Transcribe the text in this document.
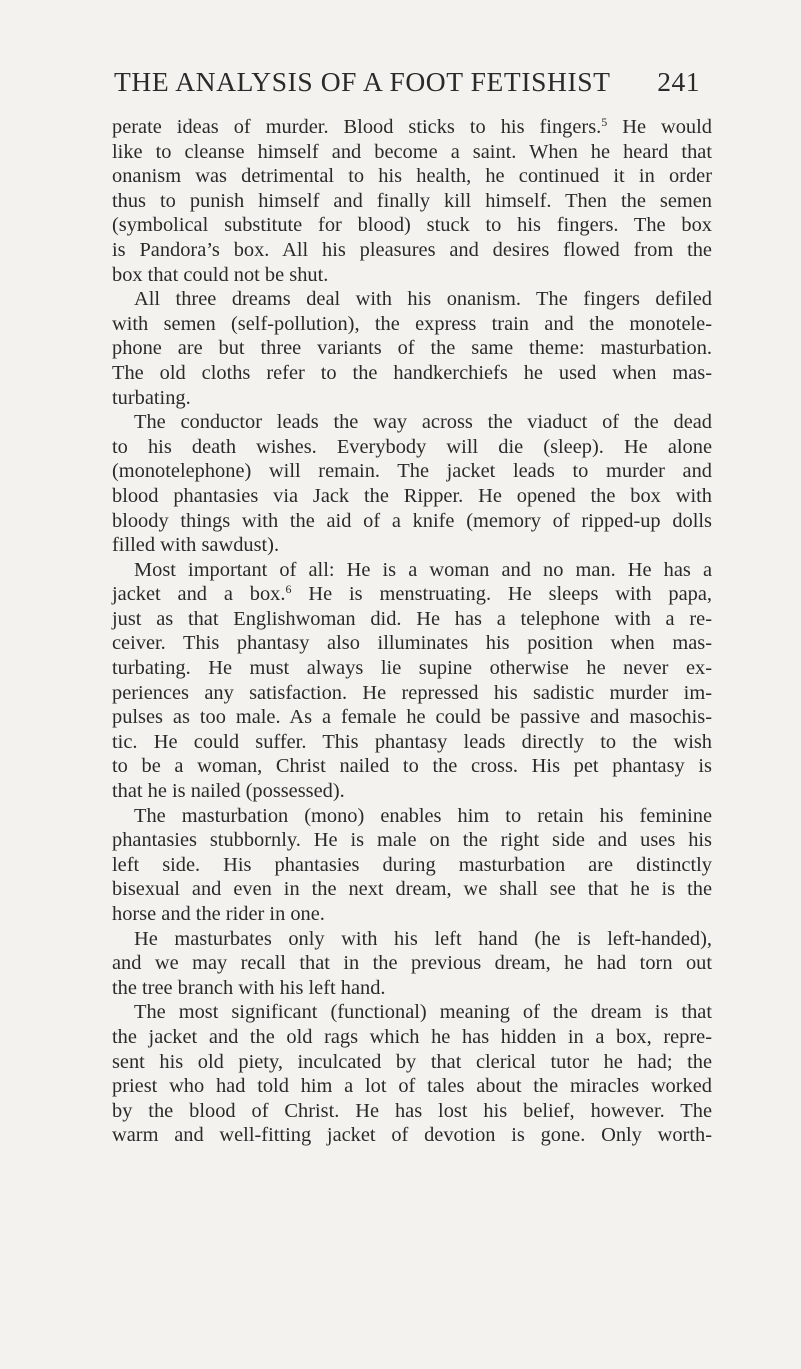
THE ANALYSIS OF A FOOT FETISHIST 241
perate ideas of murder. Blood sticks to his fingers.$^5$ He would
like to cleanse himself and become a saint. When he heard that
onanism was detrimental to his health, he continued it in order
thus to punish himself and finally kill himself. Then the semen
(symbolical substitute for blood) stuck to his fingers. The box
is Pandora’s box. All his pleasures and desires flowed from the
box that could not be shut.
All three dreams deal with his onanism. The fingers defiled
with semen (self-pollution), the express train and the monotele-
phone are but three variants of the same theme: masturbation.
The old cloths refer to the handkerchiefs he used when mas-
turbating.
The conductor leads the way across the viaduct of the dead
to his death wishes. Everybody will die (sleep). He alone
(monotelephone) will remain. The jacket leads to murder and
blood phantasies via Jack the Ripper. He opened the box with
bloody things with the aid of a knife (memory of ripped-up dolls
filled with sawdust).
Most important of all: He is a woman and no man. He has a
jacket and a box.$^6$ He is menstruating. He sleeps with papa,
just as that Englishwoman did. He has a telephone with a re-
ceiver. This phantasy also illuminates his position when mas-
turbating. He must always lie supine otherwise he never ex-
periences any satisfaction. He repressed his sadistic murder im-
pulses as too male. As a female he could be passive and masochis-
tic. He could suffer. This phantasy leads directly to the wish
to be a woman, Christ nailed to the cross. His pet phantasy is
that he is nailed (possessed).
The masturbation (mono) enables him to retain his feminine
phantasies stubbornly. He is male on the right side and uses his
left side. His phantasies during masturbation are distinctly
bisexual and even in the next dream, we shall see that he is the
horse and the rider in one.
He masturbates only with his left hand (he is left-handed),
and we may recall that in the previous dream, he had torn out
the tree branch with his left hand.
The most significant (functional) meaning of the dream is that
the jacket and the old rags which he has hidden in a box, repre-
sent his old piety, inculcated by that clerical tutor he had; the
priest who had told him a lot of tales about the miracles worked
by the blood of Christ. He has lost his belief, however. The
warm and well-fitting jacket of devotion is gone. Only worth-
